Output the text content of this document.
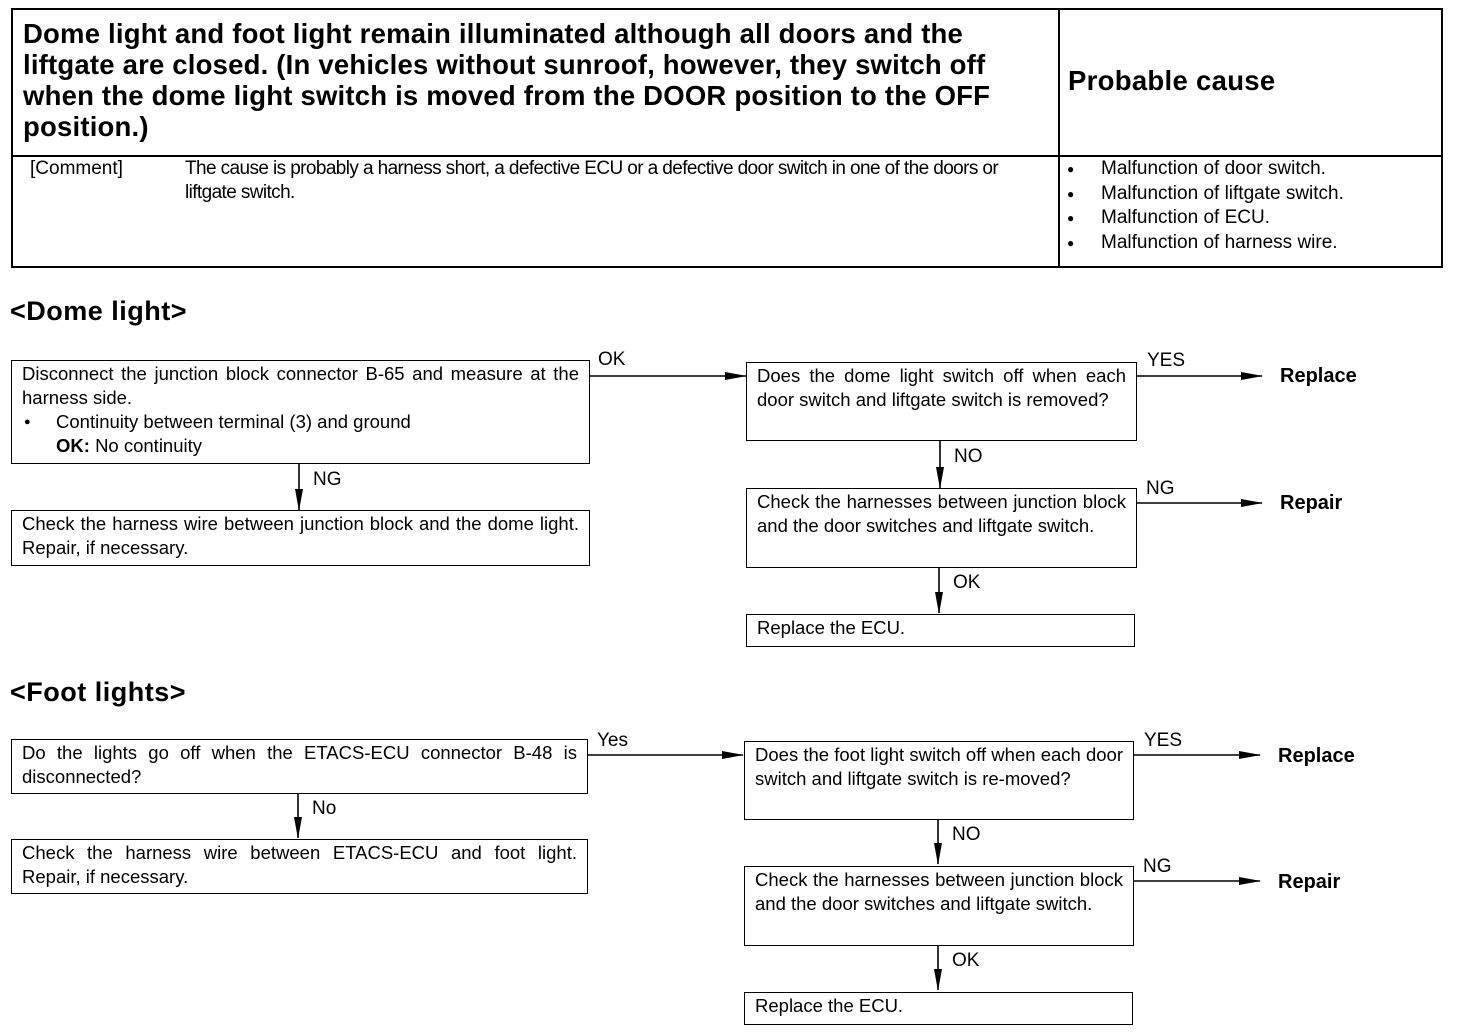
Dome light and foot light remain illuminated although all doors and the liftgate are closed. (In vehicles without sunroof, however, they switch off when the dome light switch is moved from the DOOR position to the OFF position.)
Probable cause
[Comment]	The cause is probably a harness short, a defective ECU or a defective door switch in one of the doors or liftgate switch.
● Malfunction of door switch.
● Malfunction of liftgate switch.
● Malfunction of ECU.
● Malfunction of harness wire.
<Dome light>
Disconnect the junction block connector B-65 and measure at the harness side.
● Continuity between terminal (3) and ground
OK: No continuity
OK
NG
Check the harness wire between junction block and the dome light. Repair, if necessary.
Does the dome light switch off when each door switch and liftgate switch is removed?
YES
Replace
NO
Check the harnesses between junction block and the door switches and liftgate switch.
NG
Repair
OK
Replace the ECU.
<Foot lights>
Do the lights go off when the ETACS-ECU connector B-48 is disconnected?
Yes
No
Check the harness wire between ETACS-ECU and foot light. Repair, if necessary.
Does the foot light switch off when each door switch and liftgate switch is re-moved?
YES
Replace
NO
Check the harnesses between junction block and the door switches and liftgate switch.
NG
Repair
OK
Replace the ECU.
